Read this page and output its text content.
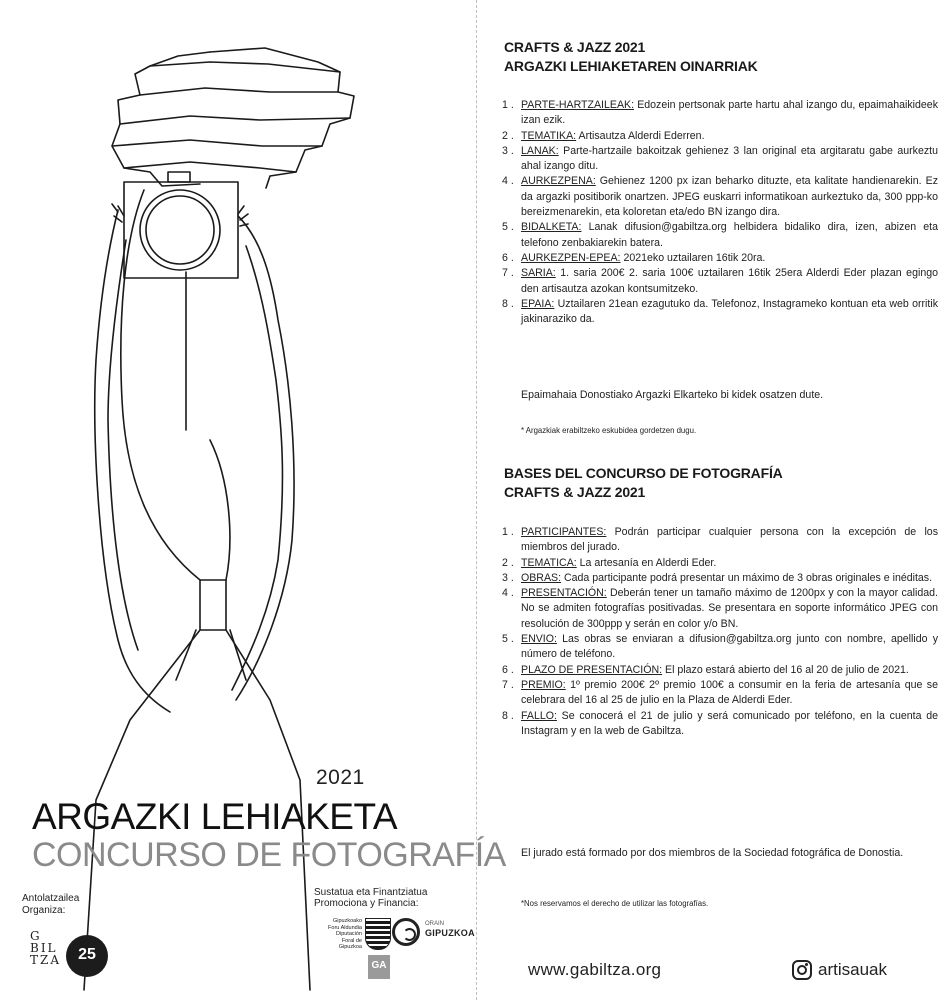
2021
ARGAZKI LEHIAKETA
CONCURSO DE FOTOGRAFÍA
Antolatzailea
Organiza:
Sustatua eta Finantziatua
Promociona y Financia:
G
BIL
TZA	25
Gipuzkoako Foru Aldundia Diputación Foral de Gipuzkoa
ORAIN
GIPUZKOA
GA
CRAFTS & JAZZ 2021
ARGAZKI LEHIAKETAREN OINARRIAK
1 . PARTE-HARTZAILEAK: Edozein pertsonak parte hartu ahal izango du, epaimahaikideek izan ezik.
2 . TEMATIKA: Artisautza Alderdi Ederren.
3 . LANAK: Parte-hartzaile bakoitzak gehienez 3 lan original eta argitaratu gabe aurkeztu ahal izango ditu.
4 . AURKEZPENA: Gehienez 1200 px izan beharko dituzte, eta kalitate handienarekin. Ez da argazki positiborik onartzen. JPEG euskarri informatikoan aurkeztuko da, 300 ppp-ko bereizmenarekin, eta koloretan eta/edo BN izango dira.
5 . BIDALKETA: Lanak difusion@gabiltza.org helbidera bidaliko dira, izen, abizen eta telefono zenbakiarekin batera.
6 . AURKEZPEN-EPEA: 2021eko uztailaren 16tik 20ra.
7 . SARIA: 1. saria 200€ 2. saria 100€ uztailaren 16tik 25era Alderdi Eder plazan egingo den artisautza azokan kontsumitzeko.
8 . EPAIA: Uztailaren 21ean ezagutuko da. Telefonoz, Instagrameko kontuan eta web orritik jakinaraziko da.
Epaimahaia Donostiako Argazki Elkarteko bi kidek osatzen dute.
* Argazkiak erabiltzeko eskubidea gordetzen dugu.
BASES DEL CONCURSO DE FOTOGRAFÍA
CRAFTS & JAZZ 2021
1 . PARTICIPANTES: Podrán participar cualquier persona con la excepción de los miembros del jurado.
2 . TEMATICA: La artesanía en Alderdi Eder.
3 . OBRAS: Cada participante podrá presentar un máximo de 3 obras originales e inéditas.
4 . PRESENTACIÓN: Deberán tener un tamaño máximo de 1200px y con la mayor calidad. No se admiten fotografías positivadas. Se presentara en soporte informático JPEG con resolución de 300ppp y serán en color y/o BN.
5 . ENVIO: Las obras se enviaran a difusion@gabiltza.org junto con nombre, apellido y número de teléfono.
6 . PLAZO DE PRESENTACIÓN: El plazo estará abierto del 16 al 20 de julio de 2021.
7 . PREMIO: 1º premio 200€ 2º premio 100€ a consumir en la feria de artesanía que se celebrara del 16 al 25 de julio en la Plaza de Alderdi Eder.
8 . FALLO: Se conocerá el 21 de julio y será comunicado por teléfono, en la cuenta de Instagram y en la web de Gabiltza.
El jurado está formado por dos miembros de la Sociedad fotográfica de Donostia.
*Nos reservamos el derecho de utilizar las fotografías.
www.gabiltza.org	artisauak
